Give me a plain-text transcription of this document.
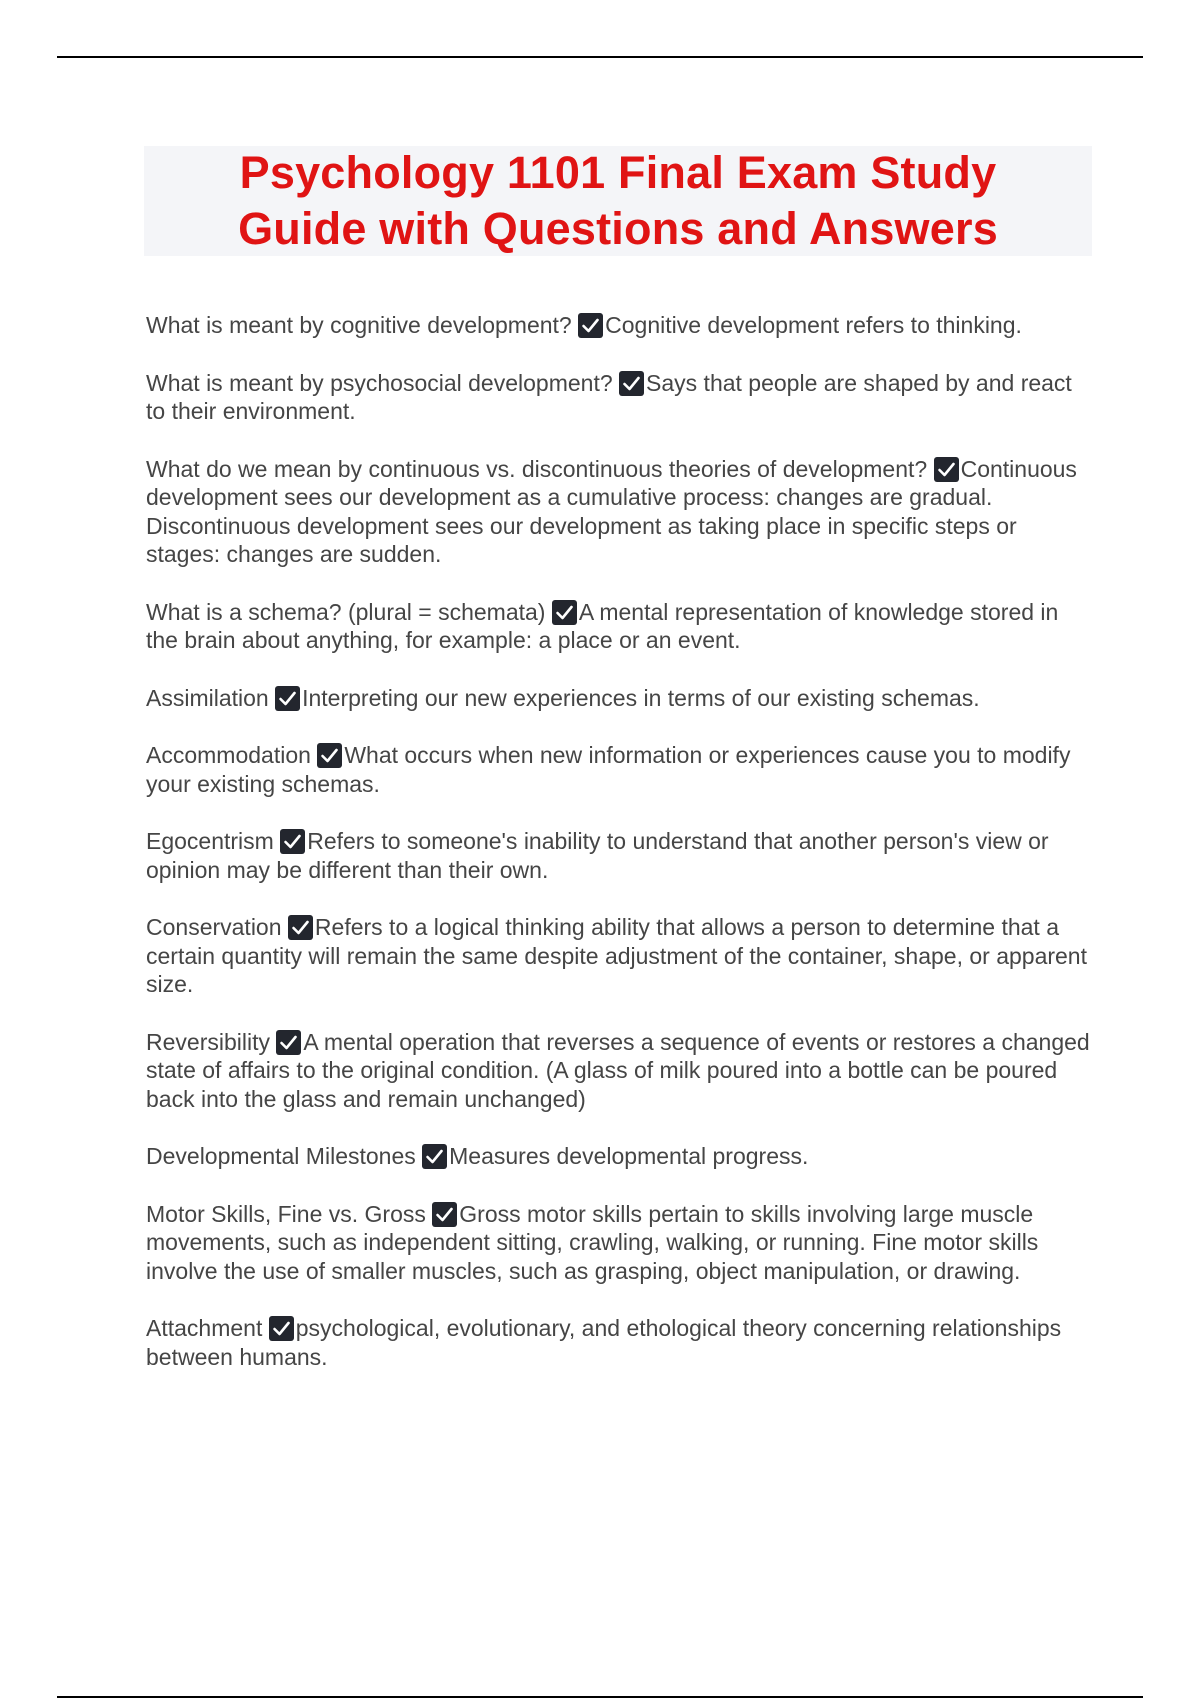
Psychology 1101 Final Exam Study
Guide with Questions and Answers

What is meant by cognitive development? Cognitive development refers to thinking.

What is meant by psychosocial development? Says that people are shaped by and react to their environment.

What do we mean by continuous vs. discontinuous theories of development? Continuous development sees our development as a cumulative process: changes are gradual. Discontinuous development sees our development as taking place in specific steps or stages: changes are sudden.

What is a schema? (plural = schemata) A mental representation of knowledge stored in the brain about anything, for example: a place or an event.

Assimilation Interpreting our new experiences in terms of our existing schemas.

Accommodation What occurs when new information or experiences cause you to modify your existing schemas.

Egocentrism Refers to someone's inability to understand that another person's view or opinion may be different than their own.

Conservation Refers to a logical thinking ability that allows a person to determine that a certain quantity will remain the same despite adjustment of the container, shape, or apparent size.

Reversibility A mental operation that reverses a sequence of events or restores a changed state of affairs to the original condition. (A glass of milk poured into a bottle can be poured back into the glass and remain unchanged)

Developmental Milestones Measures developmental progress.

Motor Skills, Fine vs. Gross Gross motor skills pertain to skills involving large muscle movements, such as independent sitting, crawling, walking, or running. Fine motor skills involve the use of smaller muscles, such as grasping, object manipulation, or drawing.

Attachment psychological, evolutionary, and ethological theory concerning relationships between humans.
